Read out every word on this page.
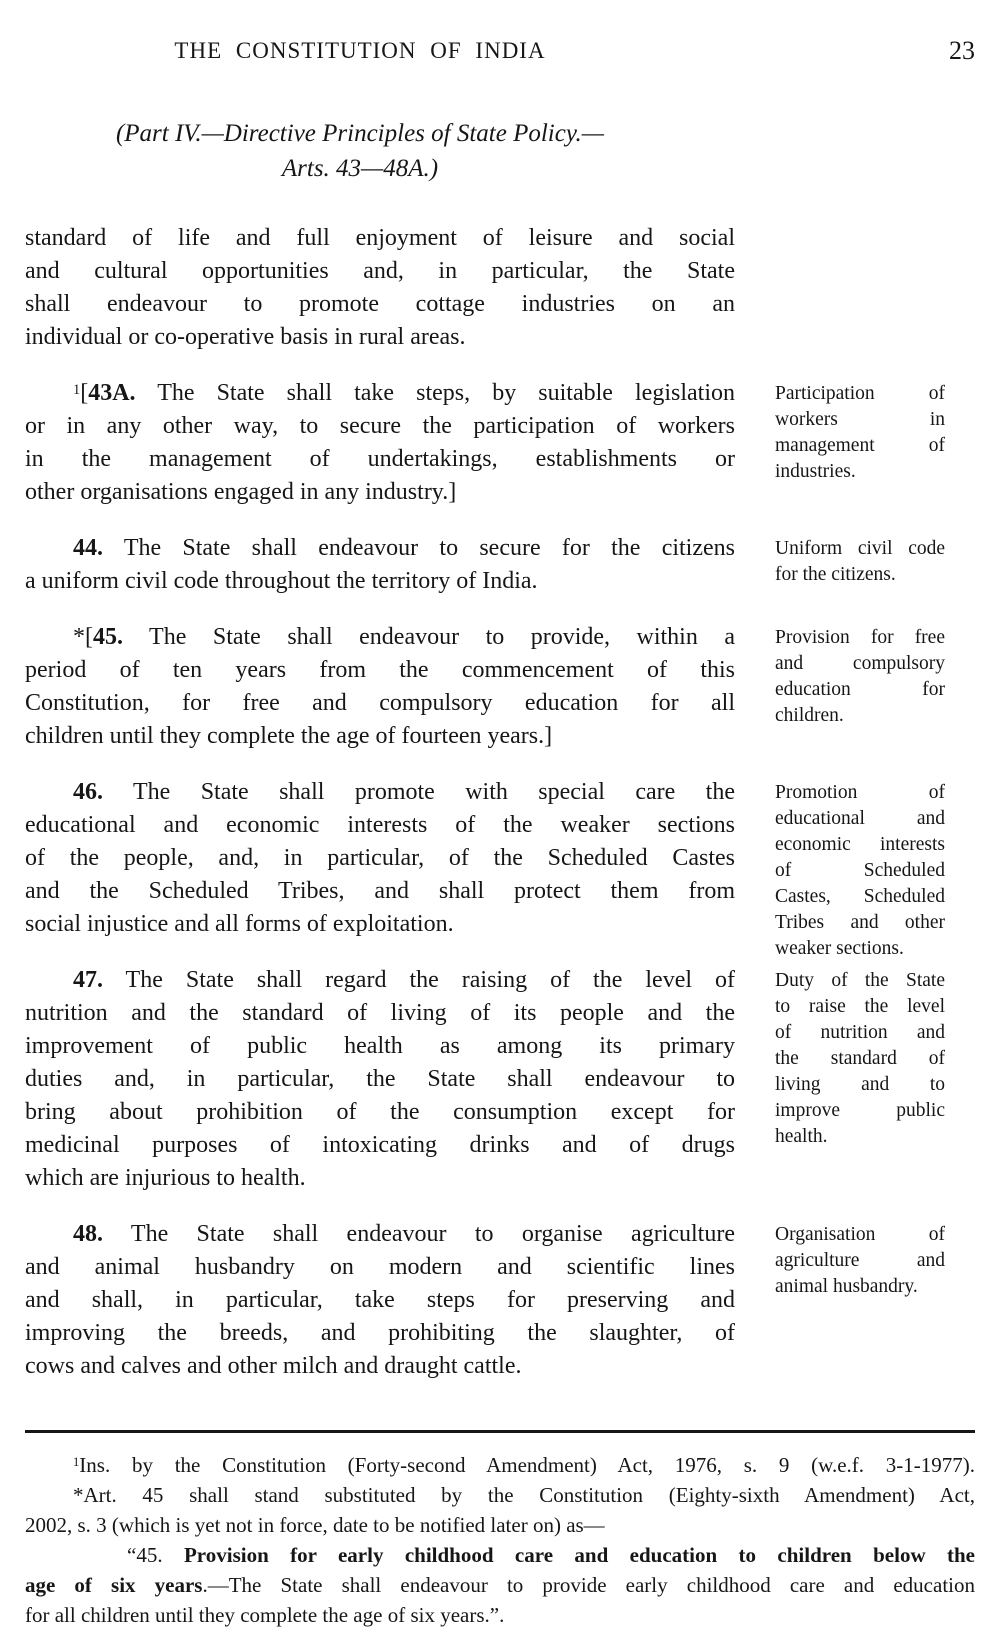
THE CONSTITUTION OF INDIA	23
(Part IV.—Directive Principles of State Policy.—
Arts. 43—48A.)
standard of life and full enjoyment of leisure and social
and cultural opportunities and, in particular, the State
shall endeavour to promote cottage industries on an
individual or co-operative basis in rural areas.
$^1$[43A. The State shall take steps, by suitable legislation
or in any other way, to secure the participation of workers
in the management of undertakings, establishments or
other organisations engaged in any industry.]
Participation of
workers in
management of
industries.
44. The State shall endeavour to secure for the citizens
a uniform civil code throughout the territory of India.
Uniform civil code
for the citizens.
*[45. The State shall endeavour to provide, within a
period of ten years from the commencement of this
Constitution, for free and compulsory education for all
children until they complete the age of fourteen years.]
Provision for free
and compulsory
education for
children.
46. The State shall promote with special care the
educational and economic interests of the weaker sections
of the people, and, in particular, of the Scheduled Castes
and the Scheduled Tribes, and shall protect them from
social injustice and all forms of exploitation.
Promotion of
educational and
economic interests
of Scheduled
Castes, Scheduled
Tribes and other
weaker sections.
47. The State shall regard the raising of the level of
nutrition and the standard of living of its people and the
improvement of public health as among its primary
duties and, in particular, the State shall endeavour to
bring about prohibition of the consumption except for
medicinal purposes of intoxicating drinks and of drugs
which are injurious to health.
Duty of the State
to raise the level
of nutrition and
the standard of
living and to
improve public
health.
48. The State shall endeavour to organise agriculture
and animal husbandry on modern and scientific lines
and shall, in particular, take steps for preserving and
improving the breeds, and prohibiting the slaughter, of
cows and calves and other milch and draught cattle.
Organisation of
agriculture and
animal husbandry.
$^1$Ins. by the Constitution (Forty-second Amendment) Act, 1976, s. 9 (w.e.f. 3-1-1977).
*Art. 45 shall stand substituted by the Constitution (Eighty-sixth Amendment) Act,
2002, s. 3 (which is yet not in force, date to be notified later on) as—
“45. Provision for early childhood care and education to children below the
age of six years.—The State shall endeavour to provide early childhood care and education
for all children until they complete the age of six years.”.
